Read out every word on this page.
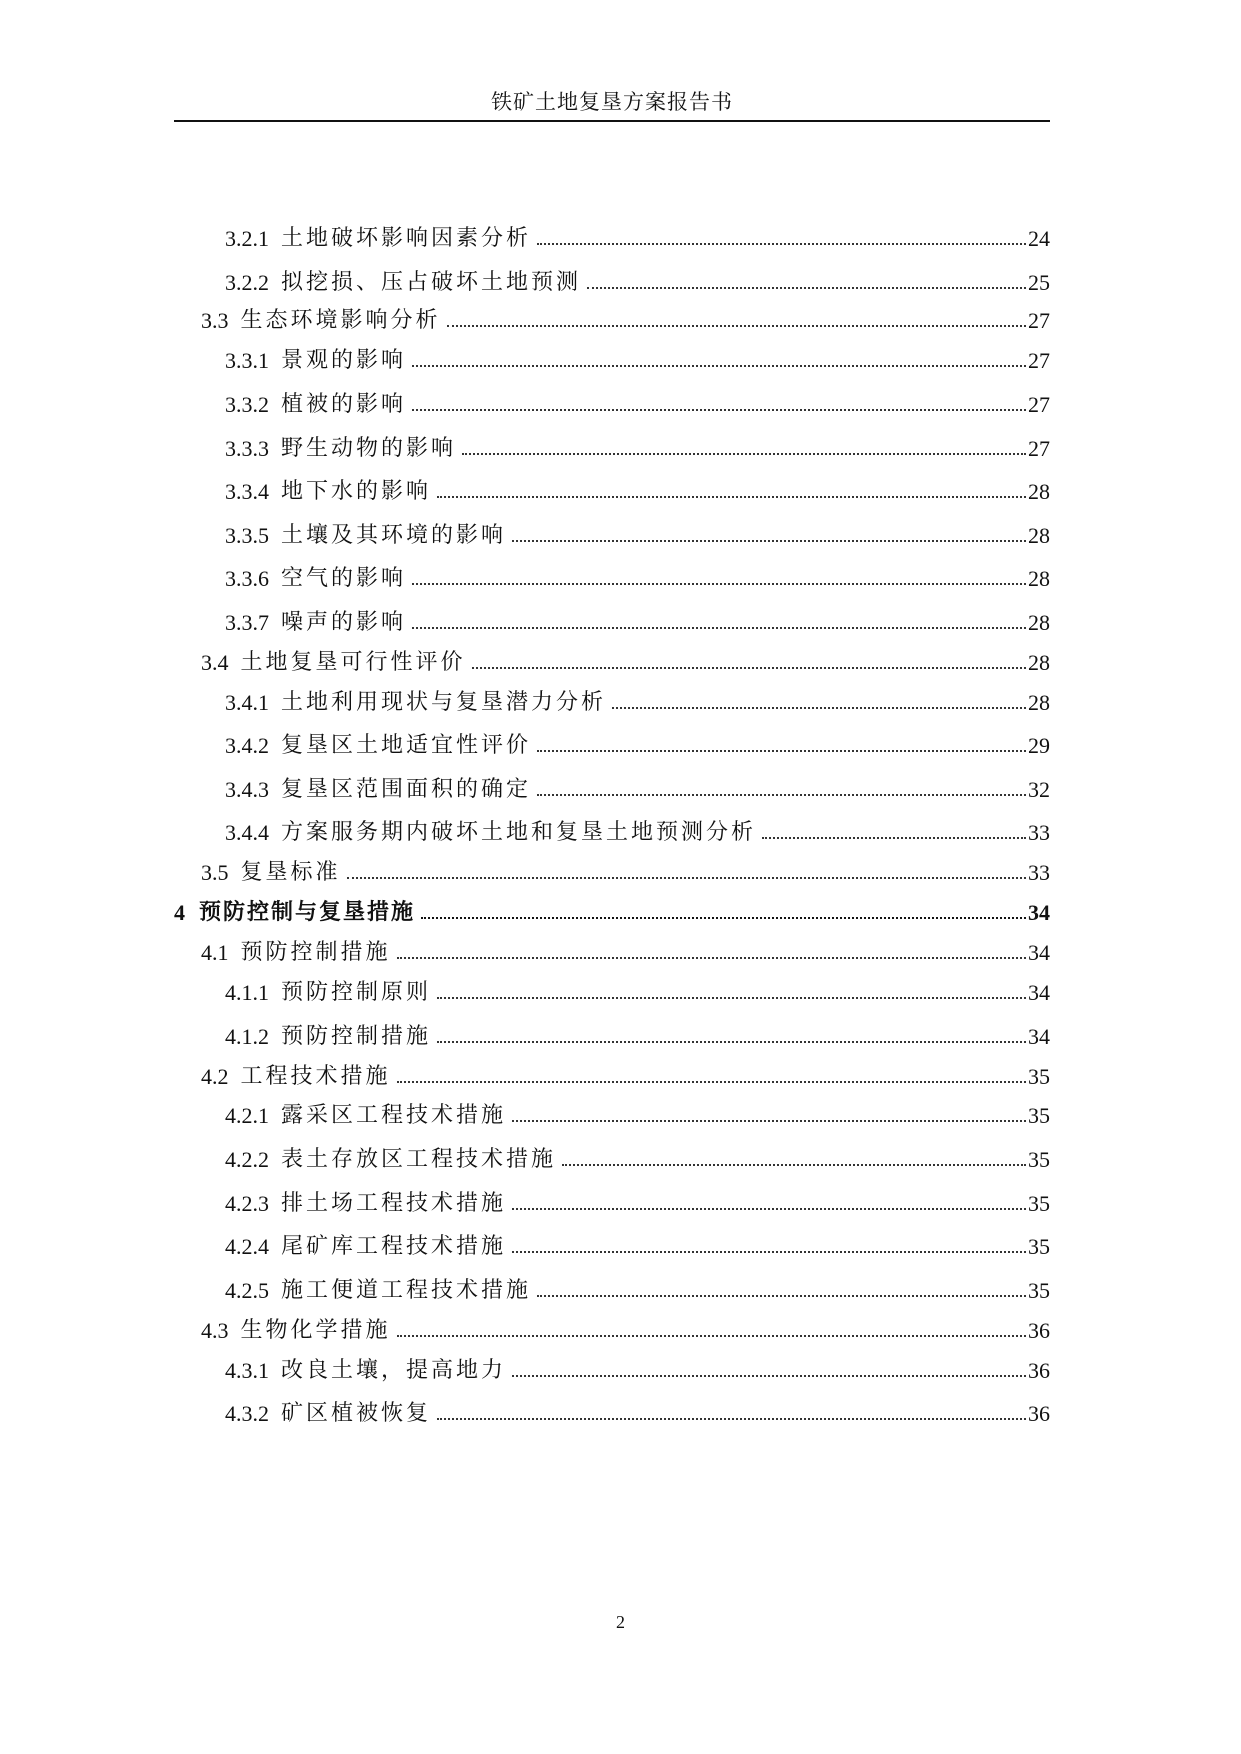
铁矿土地复垦方案报告书
3.2.1 土地破坏影响因素分析	24
3.2.2 拟挖损、压占破坏土地预测	25
3.3 生态环境影响分析	27
3.3.1 景观的影响	27
3.3.2 植被的影响	27
3.3.3 野生动物的影响	27
3.3.4 地下水的影响	28
3.3.5 土壤及其环境的影响	28
3.3.6 空气的影响	28
3.3.7 噪声的影响	28
3.4 土地复垦可行性评价	28
3.4.1 土地利用现状与复垦潜力分析	28
3.4.2 复垦区土地适宜性评价	29
3.4.3 复垦区范围面积的确定	32
3.4.4 方案服务期内破坏土地和复垦土地预测分析	33
3.5 复垦标准	33
4 预防控制与复垦措施	34
4.1 预防控制措施	34
4.1.1 预防控制原则	34
4.1.2 预防控制措施	34
4.2 工程技术措施	35
4.2.1 露采区工程技术措施	35
4.2.2 表土存放区工程技术措施	35
4.2.3 排土场工程技术措施	35
4.2.4 尾矿库工程技术措施	35
4.2.5 施工便道工程技术措施	35
4.3 生物化学措施	36
4.3.1 改良土壤，提高地力	36
4.3.2 矿区植被恢复	36
2
